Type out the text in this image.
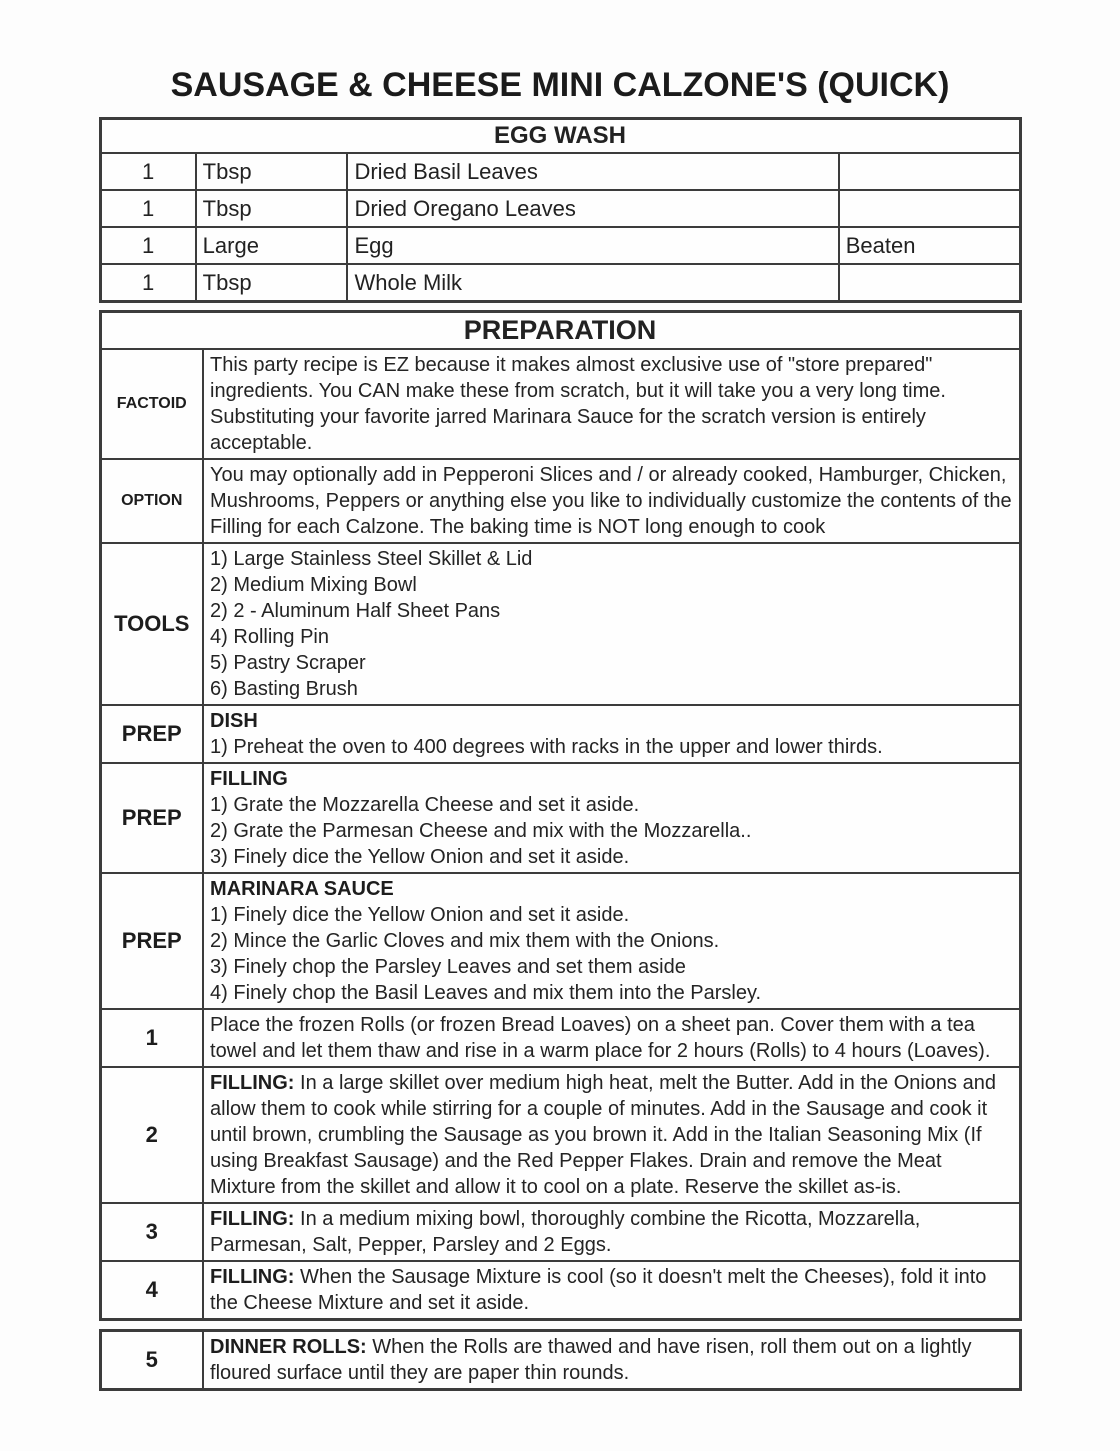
SAUSAGE & CHEESE MINI CALZONE'S (QUICK)
EGG WASH			
1	Tbsp	Dried Basil Leaves	
1	Tbsp	Dried Oregano Leaves	
1	Large	Egg	Beaten
1	Tbsp	Whole Milk	
PREPARATION	
FACTOID	This party recipe is EZ because it makes almost exclusive use of "store prepared" ingredients. You CAN make these from scratch, but it will take you a very long time. Substituting your favorite jarred Marinara Sauce for the scratch version is entirely acceptable.

OPTION	You may optionally add in Pepperoni Slices and / or already cooked, Hamburger, Chicken, Mushrooms, Peppers or anything else you like to individually customize the contents of the Filling for each Calzone. The baking time is NOT long enough to cook

TOOLS	
1) Large Stainless Steel Skillet & Lid
2) Medium Mixing Bowl
2) 2 - Aluminum Half Sheet Pans
4) Rolling Pin
5) Pastry Scraper
6) Basting Brush

PREP	DISH
1) Preheat the oven to 400 degrees with racks in the upper and lower thirds.

PREP	FILLING
1) Grate the Mozzarella Cheese and set it aside.
2) Grate the Parmesan Cheese and mix with the Mozzarella..
3) Finely dice the Yellow Onion and set it aside.

PREP	MARINARA SAUCE
1) Finely dice the Yellow Onion and set it aside.
2) Mince the Garlic Cloves and mix them with the Onions.
3) Finely chop the Parsley Leaves and set them aside
4) Finely chop the Basil Leaves and mix them into the Parsley.

1	Place the frozen Rolls (or frozen Bread Loaves) on a sheet pan. Cover them with a tea towel and let them thaw and rise in a warm place for 2 hours (Rolls) to 4 hours (Loaves).

2	FILLING: In a large skillet over medium high heat, melt the Butter. Add in the Onions and allow them to cook while stirring for a couple of minutes. Add in the Sausage and cook it until brown, crumbling the Sausage as you brown it. Add in the Italian Seasoning Mix (If using Breakfast Sausage) and the Red Pepper Flakes. Drain and remove the Meat Mixture from the skillet and allow it to cool on a plate. Reserve the skillet as-is.

3	FILLING: In a medium mixing bowl, thoroughly combine the Ricotta, Mozzarella, Parmesan, Salt, Pepper, Parsley and 2 Eggs.

4	FILLING: When the Sausage Mixture is cool (so it doesn't melt the Cheeses), fold it into the Cheese Mixture and set it aside.
5	DINNER ROLLS: When the Rolls are thawed and have risen, roll them out on a lightly floured surface until they are paper thin rounds.
